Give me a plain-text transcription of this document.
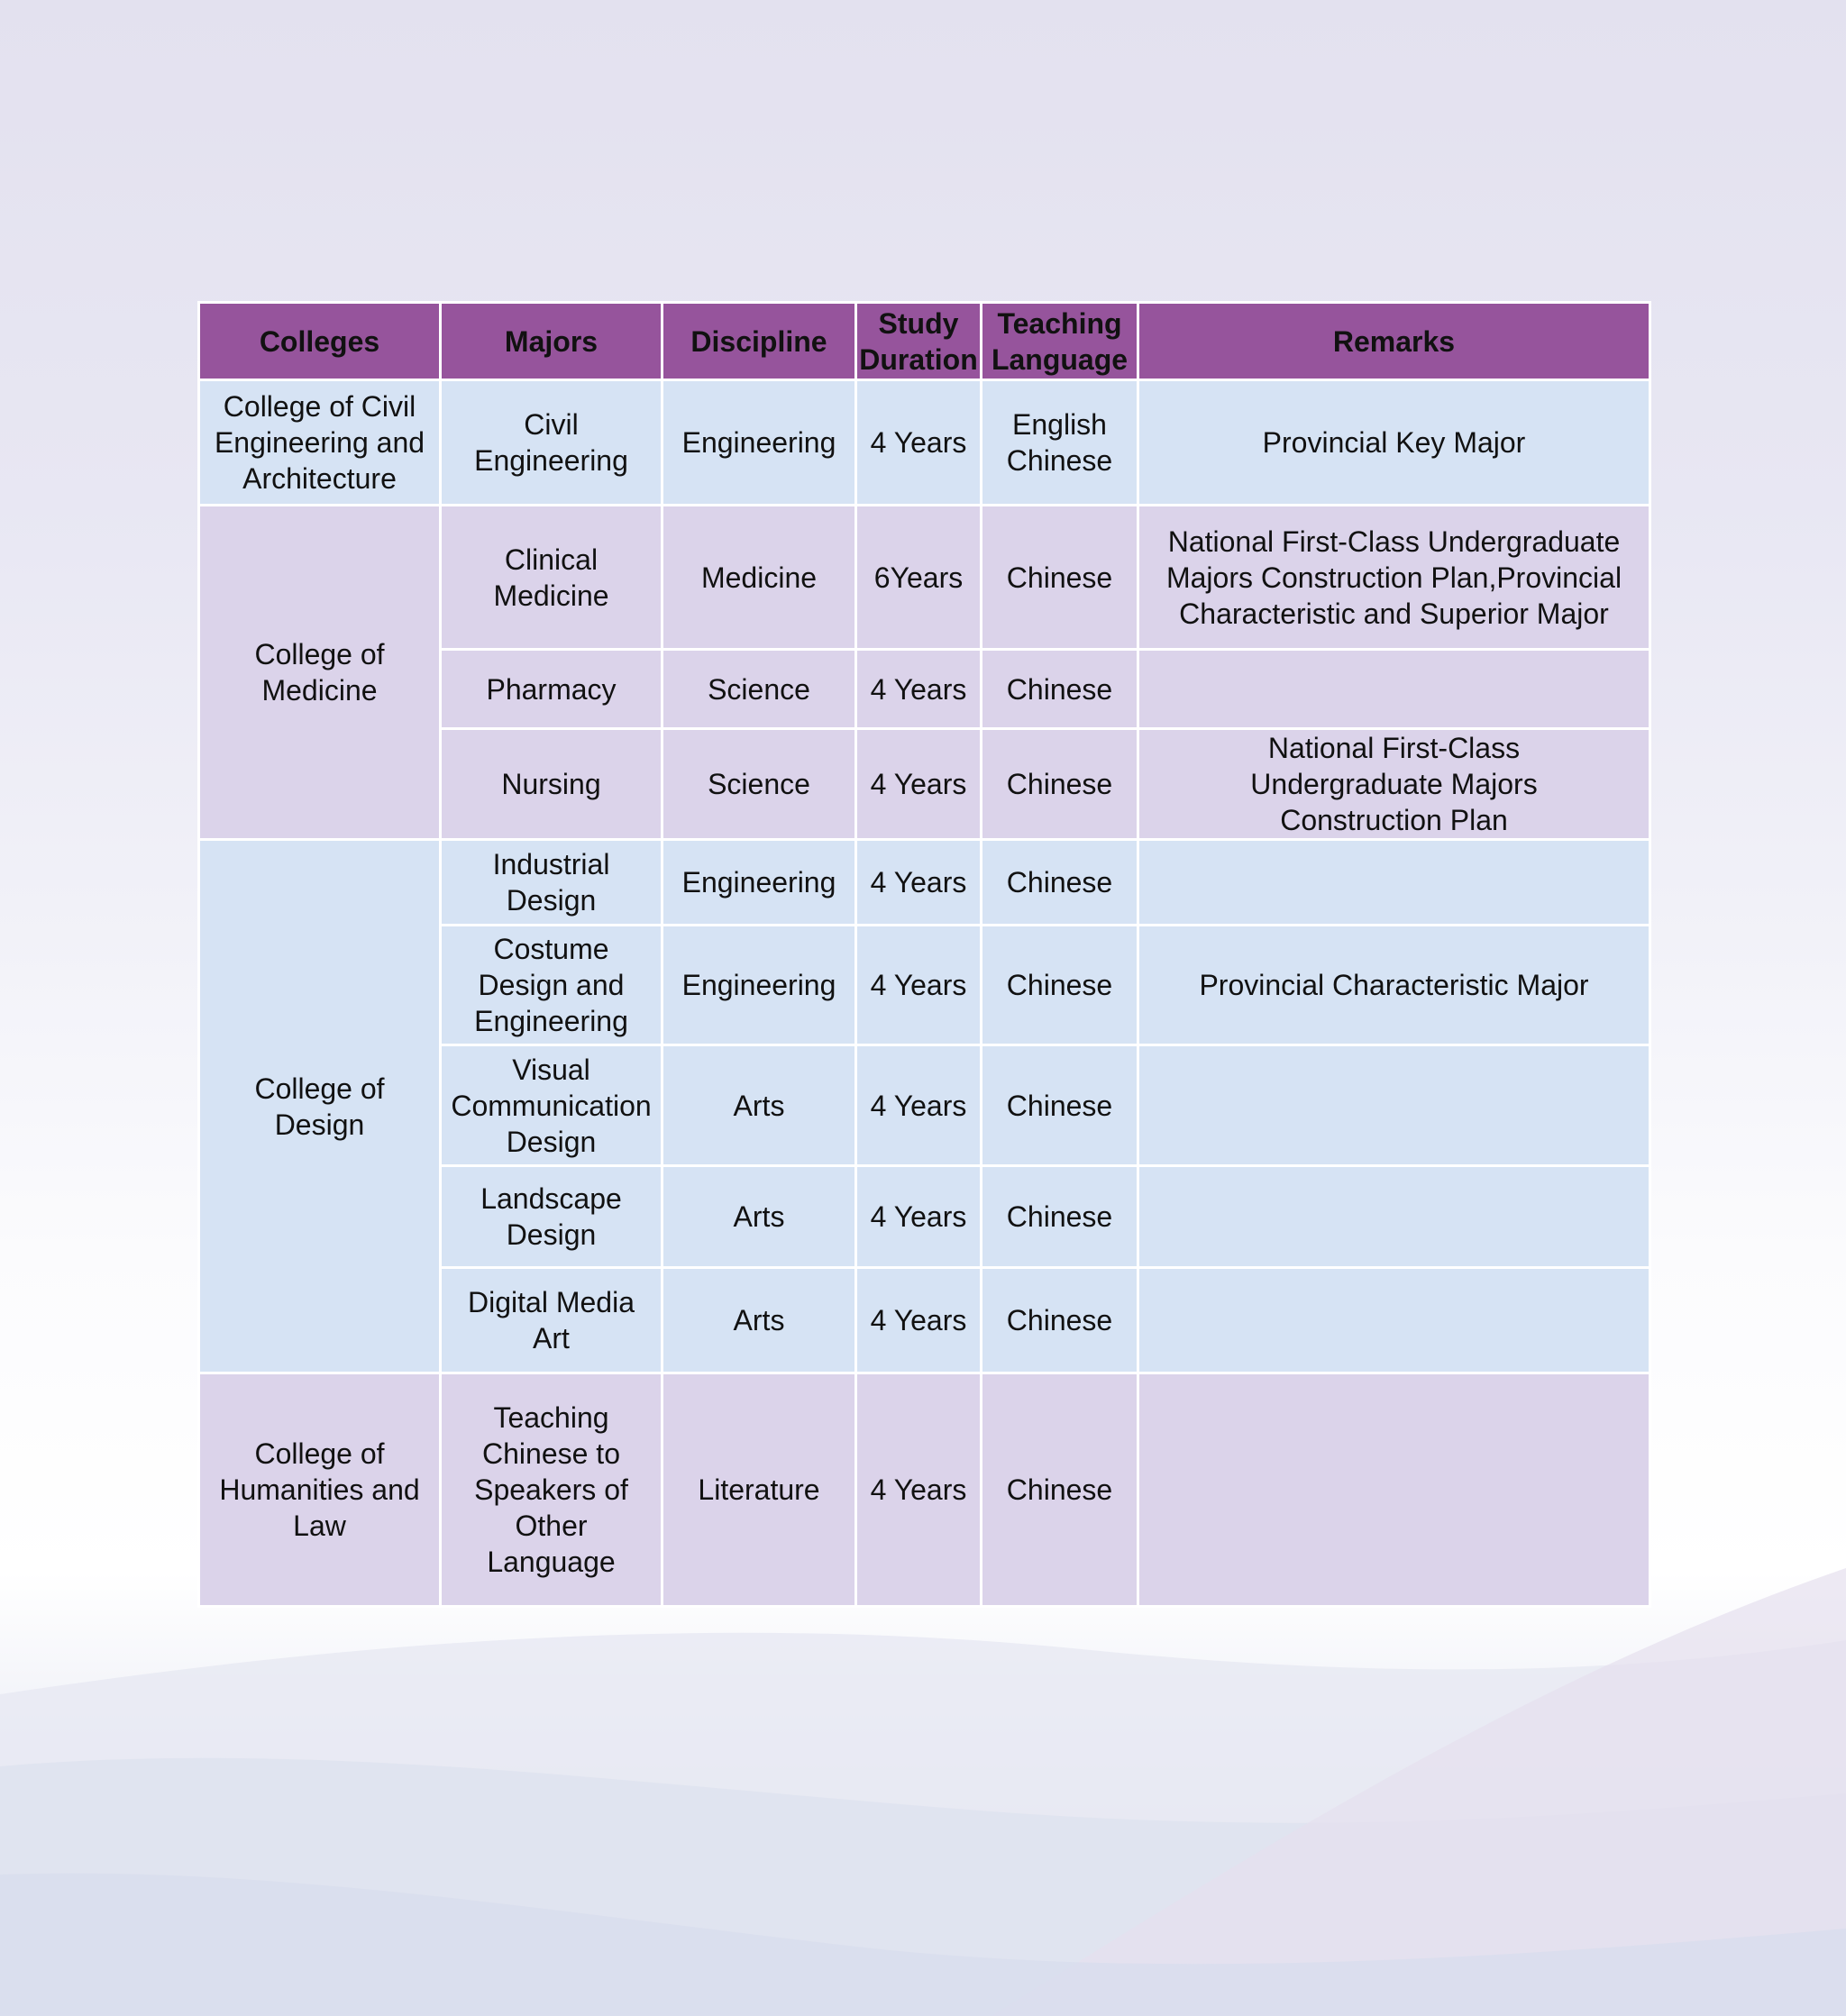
Colleges	Majors	Discipline	Study Duration	Teaching Language	Remarks

College of Civil Engineering and Architecture	Civil Engineering	Engineering	4 Years	English Chinese	Provincial Key Major

College of Medicine	Clinical Medicine	Medicine	6Years	Chinese	National First-Class Undergraduate Majors Construction Plan,Provincial Characteristic and Superior Major
	Pharmacy	Science	4 Years	Chinese	
	Nursing	Science	4 Years	Chinese	National First-Class Undergraduate Majors Construction Plan

College of Design	Industrial Design	Engineering	4 Years	Chinese	
	Costume Design and Engineering	Engineering	4 Years	Chinese	Provincial Characteristic Major
	Visual Communication Design	Arts	4 Years	Chinese	
	Landscape Design	Arts	4 Years	Chinese	
	Digital Media Art	Arts	4 Years	Chinese	

College of Humanities and Law	Teaching Chinese to Speakers of Other Language	Literature	4 Years	Chinese	
